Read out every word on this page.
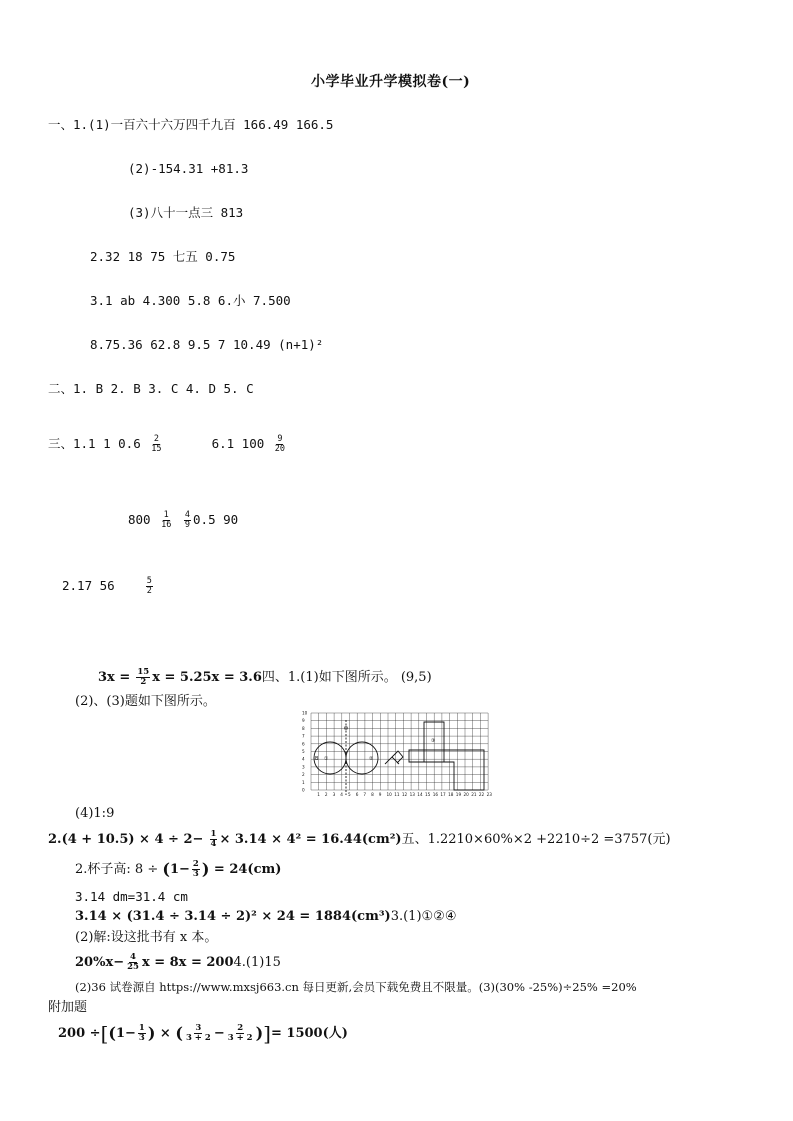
小学毕业升学模拟卷(一)
一、1.(1)一百六十六万四千九百 166.49 166.5
(2)-154.31 +81.3
(3)八十一点三 813
2.32 18 75 七五 0.75
3.1 ab 4.300 5.8 6.小 7.500
8.75.36 62.8 9.5 7 10.49 (n+1)²
二、1. B 2. B 3. C 4. D 5. C
三、1.1 1 $0.6 \frac{2}{15}$	6.1 $100 \frac{9}{20}$
$800 \frac{1}{16}$
$\frac{4}{9} 0.5$ 90
2.17 56	$\frac{5}{2}$
$3x = \frac{15}{2}$ x = 5.25x = 3.6四、1.(1)如下图所示。 (9,5)
(2)、(3)题如下图所示。
10
9
8
7
6
5
4
3
2
1
0
1 2 3 4 5 6 7 8 9 10 11 12 13 14 15 16 17 18 19 20 21 22 23
①	②
③
B
O
(4)1:9
$2.(4 + 10.5) \times 4 \div 2- \frac{1}{4} \times 3.14 \times 4^2 = 16.44(cm^2)$五、1.2210×60%×2 +2210÷2 =3757(元)
2.杯子高: $8 \div (1- \frac{2}{3}$ ) = 24(cm)
3.14 dm=31.4 cm
3.14 × (31.4 ÷ 3.14 ÷ 2)² × 24 = 1884(cm³)3.(1)①②④
(2)解:设这批书有 x 本。
$20\%x- \frac{4}{25}$ x = 8x = 2004.(1)15
(2)36 试卷源自 https://www.mxsj663.cn 每日更新,会员下载免费且不限量。(3)(30% -25%)÷25% =20%
附加题
$200 \div[(1- \frac{1}{3}$ ) × ( $\frac{3}{3 + 2} - \frac{2}{3 + 2}$ )]= 1500(人)
